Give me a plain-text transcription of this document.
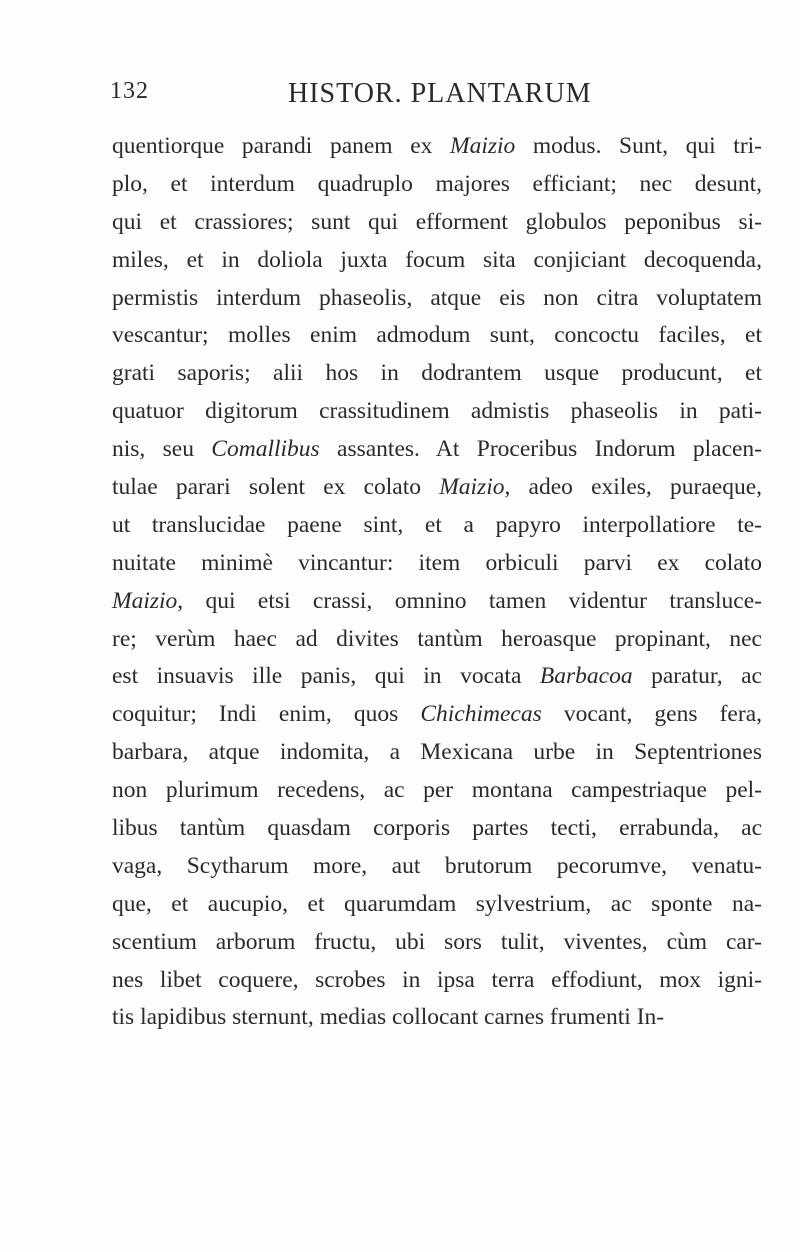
132	HISTOR. PLANTARUM
quentiorque parandi panem ex Maizio modus. Sunt, qui tri-
plo, et interdum quadruplo majores efficiant; nec desunt,
qui et crassiores; sunt qui efforment globulos peponibus si-
miles, et in doliola juxta focum sita conjiciant decoquenda,
permistis interdum phaseolis, atque eis non citra voluptatem
vescantur; molles enim admodum sunt, concoctu faciles, et
grati saporis; alii hos in dodrantem usque producunt, et
quatuor digitorum crassitudinem admistis phaseolis in pati-
nis, seu Comallibus assantes. At Proceribus Indorum placen-
tulae parari solent ex colato Maizio, adeo exiles, puraeque,
ut translucidae paene sint, et a papyro interpollatiore te-
nuitate minimè vincantur: item orbiculi parvi ex colato
Maizio, qui etsi crassi, omnino tamen videntur transluce-
re; verùm haec ad divites tantùm heroasque propinant, nec
est insuavis ille panis, qui in vocata Barbacoa paratur, ac
coquitur; Indi enim, quos Chichimecas vocant, gens fera,
barbara, atque indomita, a Mexicana urbe in Septentriones
non plurimum recedens, ac per montana campestriaque pel-
libus tantùm quasdam corporis partes tecti, errabunda, ac
vaga, Scytharum more, aut brutorum pecorumve, venatu-
que, et aucupio, et quarumdam sylvestrium, ac sponte na-
scentium arborum fructu, ubi sors tulit, viventes, cùm car-
nes libet coquere, scrobes in ipsa terra effodiunt, mox igni-
tis lapidibus sternunt, medias collocant carnes frumenti In-
